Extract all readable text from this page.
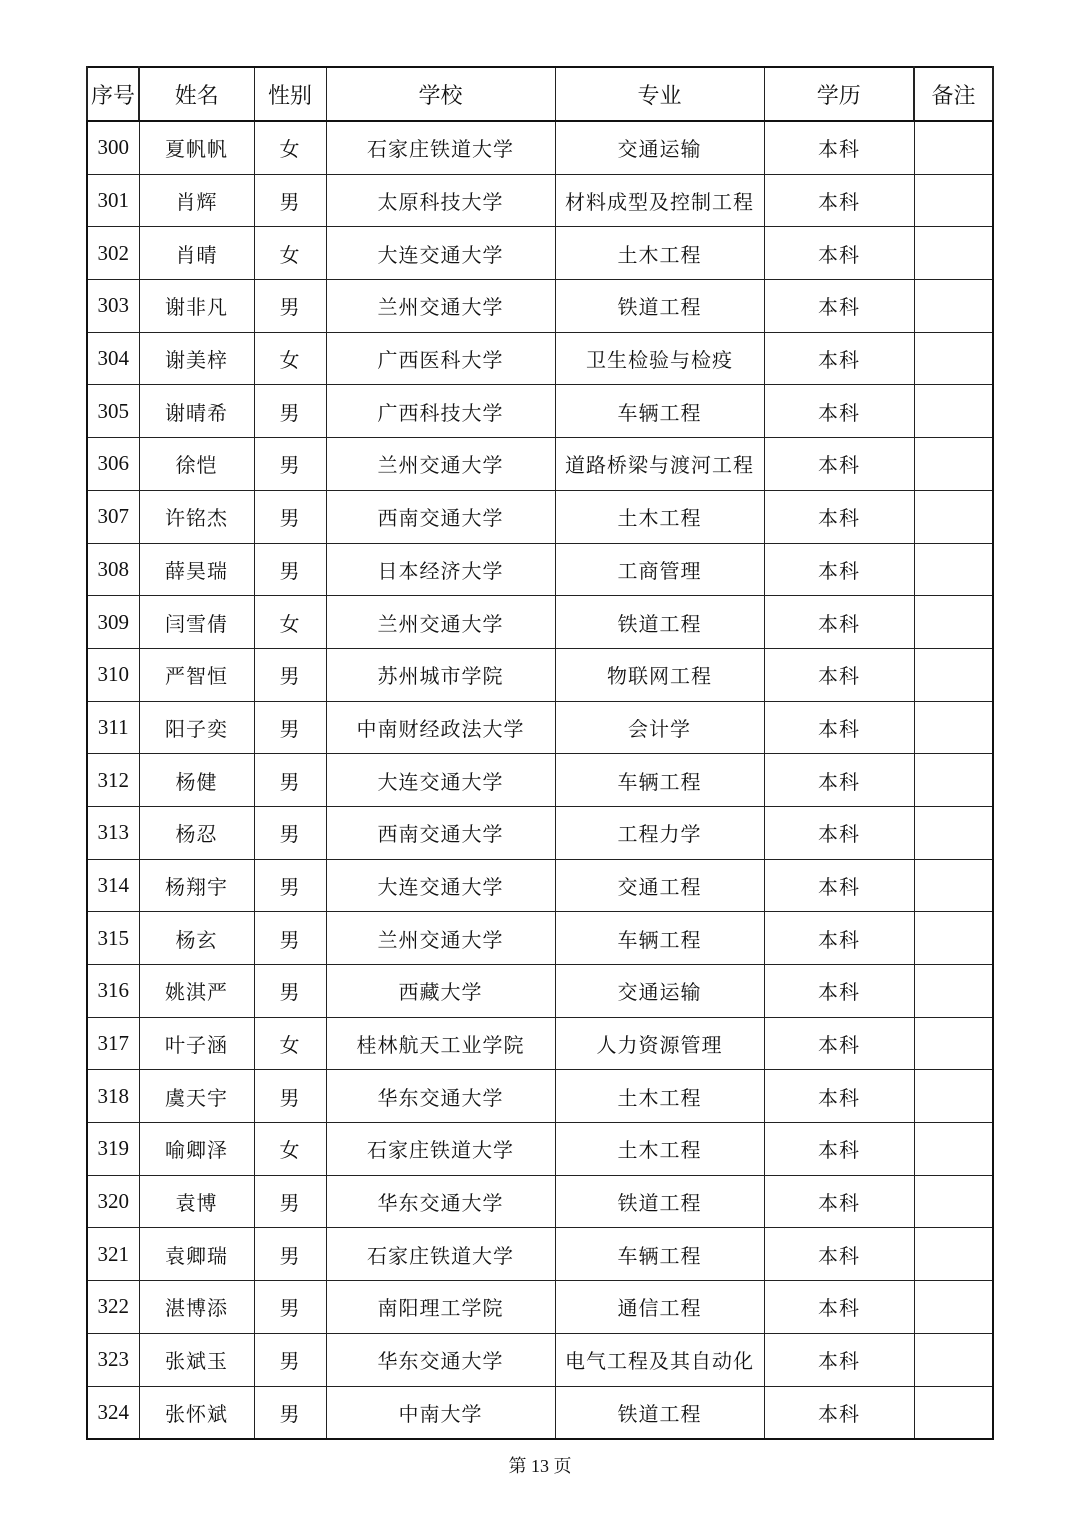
序号	姓名	性别	学校	专业	学历	备注
300	夏帆帆	女	石家庄铁道大学	交通运输	本科	
301	肖辉	男	太原科技大学	材料成型及控制工程	本科	
302	肖晴	女	大连交通大学	土木工程	本科	
303	谢非凡	男	兰州交通大学	铁道工程	本科	
304	谢美梓	女	广西医科大学	卫生检验与检疫	本科	
305	谢晴希	男	广西科技大学	车辆工程	本科	
306	徐恺	男	兰州交通大学	道路桥梁与渡河工程	本科	
307	许铭杰	男	西南交通大学	土木工程	本科	
308	薛昊瑞	男	日本经济大学	工商管理	本科	
309	闫雪倩	女	兰州交通大学	铁道工程	本科	
310	严智恒	男	苏州城市学院	物联网工程	本科	
311	阳子奕	男	中南财经政法大学	会计学	本科	
312	杨健	男	大连交通大学	车辆工程	本科	
313	杨忍	男	西南交通大学	工程力学	本科	
314	杨翔宇	男	大连交通大学	交通工程	本科	
315	杨玄	男	兰州交通大学	车辆工程	本科	
316	姚淇严	男	西藏大学	交通运输	本科	
317	叶子涵	女	桂林航天工业学院	人力资源管理	本科	
318	虞天宇	男	华东交通大学	土木工程	本科	
319	喻卿泽	女	石家庄铁道大学	土木工程	本科	
320	袁博	男	华东交通大学	铁道工程	本科	
321	袁卿瑞	男	石家庄铁道大学	车辆工程	本科	
322	湛博添	男	南阳理工学院	通信工程	本科	
323	张斌玉	男	华东交通大学	电气工程及其自动化	本科	
324	张怀斌	男	中南大学	铁道工程	本科	
第 13 页
